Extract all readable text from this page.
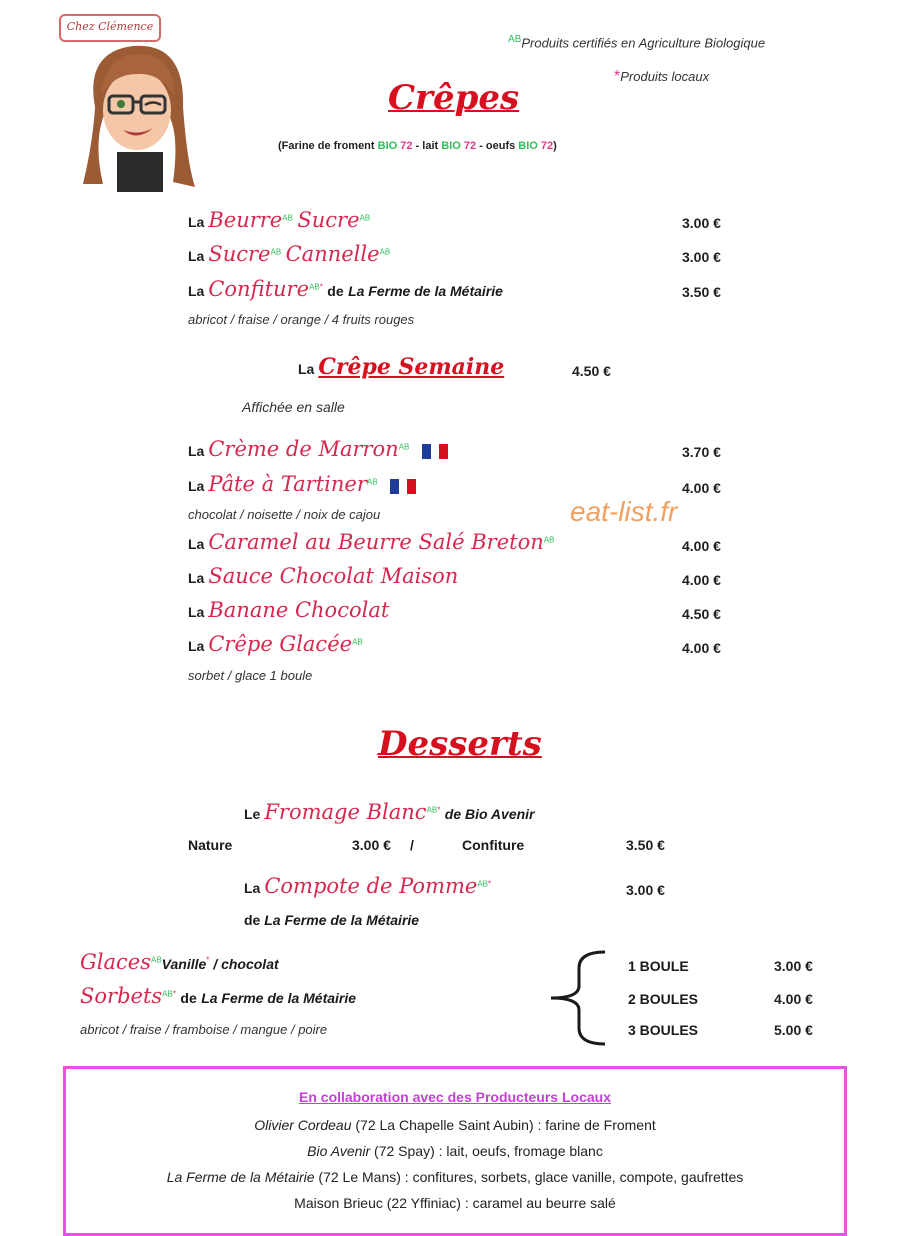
Chez Clémence
$^{AB}$Produits certifiés en Agriculture Biologique
*Produits locaux
Crêpes
(Farine de froment BIO 72 - lait BIO 72 - oeufs BIO 72)
La Beurre$^{AB}$ Sucre$^{AB}$	3.00 €
La Sucre$^{AB}$ Cannelle$^{AB}$	3.00 €
La Confiture$^{AB*}$ de La Ferme de la Métairie	3.50 €
abricot / fraise / orange / 4 fruits rouges
La Crêpe Semaine	4.50 €
Affichée en salle
La Crème de Marron$^{AB}$	3.70 €
La Pâte à Tartiner$^{AB}$	4.00 €
chocolat / noisette / noix de cajou	eat-list.fr
La Caramel au Beurre Salé Breton$^{AB}$	4.00 €
La Sauce Chocolat Maison	4.00 €
La Banane Chocolat	4.50 €
La Crêpe Glacée$^{AB}$	4.00 €
sorbet / glace 1 boule
Desserts
Le Fromage Blanc$^{AB*}$ de Bio Avenir
Nature	3.00 € /	Confiture	3.50 €
La Compote de Pomme$^{AB*}$	3.00 €
de La Ferme de la Métairie
Glaces$^{AB}$Vanille* / chocolat
Sorbets$^{AB*}$ de La Ferme de la Métairie
abricot / fraise / framboise / mangue / poire
1 BOULE	3.00 €
2 BOULES	4.00 €
3 BOULES	5.00 €
En collaboration avec des Producteurs Locaux
Olivier Cordeau (72 La Chapelle Saint Aubin) : farine de Froment
Bio Avenir (72 Spay) : lait, oeufs, fromage blanc
La Ferme de la Métairie (72 Le Mans) : confitures, sorbets, glace vanille, compote, gaufrettes
Maison Brieuc (22 Yffiniac) : caramel au beurre salé
